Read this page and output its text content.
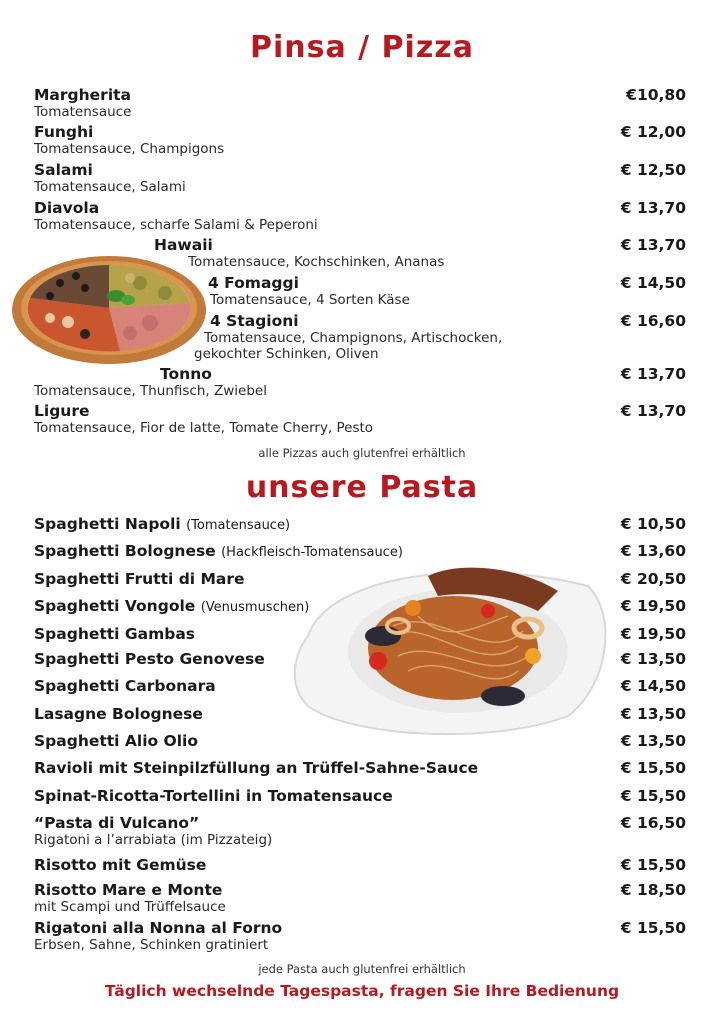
Pinsa / Pizza
Margherita
Tomatensauce
€10,80
Funghi
Tomatensauce, Champigons
€ 12,00
Salami
Tomatensauce, Salami
€ 12,50
Diavola
Tomatensauce, scharfe Salami & Peperoni
€ 13,70
Hawaii
Tomatensauce, Kochschinken, Ananas
€ 13,70
4 Fomaggi
Tomatensauce, 4 Sorten Käse
€ 14,50
4 Stagioni
Tomatensauce, Champignons, Artischocken,
gekochter Schinken, Oliven
€ 16,60
Tonno
Tomatensauce, Thunfisch, Zwiebel
€ 13,70
Ligure
Tomatensauce, Fior de latte, Tomate Cherry, Pesto
€ 13,70
alle Pizzas auch glutenfrei erhältlich
unsere Pasta
Spaghetti Napoli (Tomatensauce)	€ 10,50
Spaghetti Bolognese (Hackfleisch-Tomatensauce)	€ 13,60
Spaghetti Frutti di Mare	€ 20,50
Spaghetti Vongole (Venusmuschen)	€ 19,50
Spaghetti Gambas	€ 19,50
Spaghetti Pesto Genovese	€ 13,50
Spaghetti Carbonara	€ 14,50
Lasagne Bolognese	€ 13,50
Spaghetti Alio Olio	€ 13,50
Ravioli mit Steinpilzfüllung an Trüffel-Sahne-Sauce	€ 15,50
Spinat-Ricotta-Tortellini in Tomatensauce	€ 15,50
“Pasta di Vulcano”
Rigatoni a l’arrabiata (im Pizzateig)
€ 16,50
Risotto mit Gemüse	€ 15,50
Risotto Mare e Monte
mit Scampi und Trüffelsauce
€ 18,50
Rigatoni alla Nonna al Forno
Erbsen, Sahne, Schinken gratiniert
€ 15,50
jede Pasta auch glutenfrei erhältlich
Täglich wechselnde Tagespasta, fragen Sie Ihre Bedienung
